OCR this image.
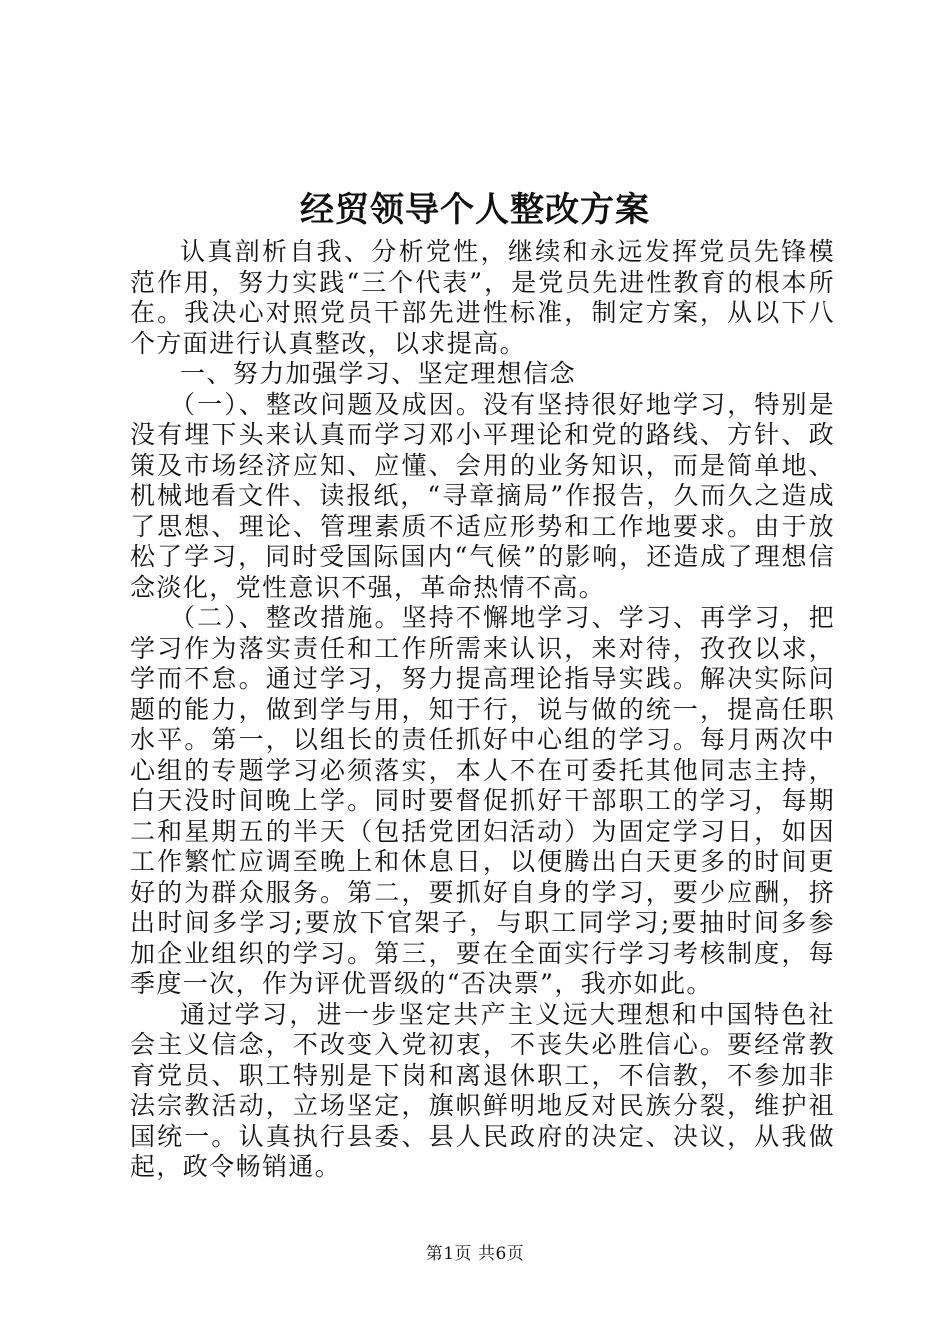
经贸领导个人整改方案

认真剖析自我、分析党性，继续和永远发挥党员先锋模范作用，努力实践“三个代表”，是党员先进性教育的根本所在。我决心对照党员干部先进性标准，制定方案，从以下八个方面进行认真整改，以求提高。

一、努力加强学习、坚定理想信念

（一）、整改问题及成因。没有坚持很好地学习，特别是没有埋下头来认真而学习邓小平理论和党的路线、方针、政策及市场经济应知、应懂、会用的业务知识，而是简单地、机械地看文件、读报纸，“寻章摘局”作报告，久而久之造成了思想、理论、管理素质不适应形势和工作地要求。由于放松了学习，同时受国际国内“气候”的影响，还造成了理想信念淡化，党性意识不强，革命热情不高。

（二）、整改措施。坚持不懈地学习、学习、再学习，把学习作为落实责任和工作所需来认识，来对待，孜孜以求，学而不怠。通过学习，努力提高理论指导实践。解决实际问题的能力，做到学与用，知于行，说与做的统一，提高任职水平。第一，以组长的责任抓好中心组的学习。每月两次中心组的专题学习必须落实，本人不在可委托其他同志主持，白天没时间晚上学。同时要督促抓好干部职工的学习，每期二和星期五的半天（包括党团妇活动）为固定学习日，如因工作繁忙应调至晚上和休息日，以便腾出白天更多的时间更好的为群众服务。第二，要抓好自身的学习，要少应酬，挤出时间多学习;要放下官架子，与职工同学习;要抽时间多参加企业组织的学习。第三，要在全面实行学习考核制度，每季度一次，作为评优晋级的“否决票”，我亦如此。

通过学习，进一步坚定共产主义远大理想和中国特色社会主义信念，不改变入党初衷，不丧失必胜信心。要经常教育党员、职工特别是下岗和离退休职工，不信教，不参加非法宗教活动，立场坚定，旗帜鲜明地反对民族分裂，维护祖国统一。认真执行县委、县人民政府的决定、决议，从我做起，政令畅销通。

第1页 共6页
